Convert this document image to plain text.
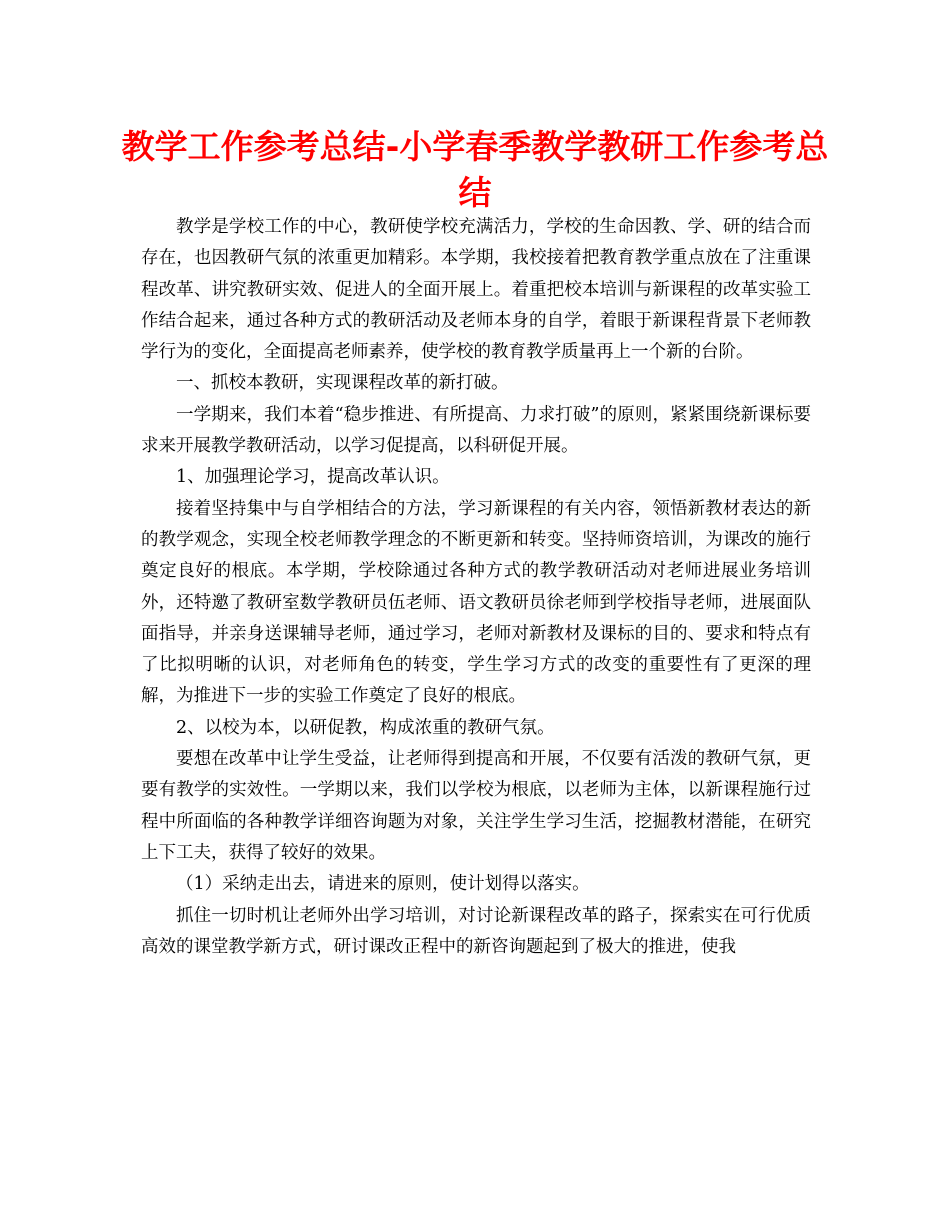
教学工作参考总结-小学春季教学教研工作参考总结

教学是学校工作的中心，教研使学校充满活力，学校的生命因教、学、研的结合而存在，也因教研气氛的浓重更加精彩。本学期，我校接着把教育教学重点放在了注重课程改革、讲究教研实效、促进人的全面开展上。着重把校本培训与新课程的改革实验工作结合起来，通过各种方式的教研活动及老师本身的自学，着眼于新课程背景下老师教学行为的变化，全面提高老师素养，使学校的教育教学质量再上一个新的台阶。

一、抓校本教研，实现课程改革的新打破。

一学期来，我们本着“稳步推进、有所提高、力求打破”的原则，紧紧围绕新课标要求来开展教学教研活动，以学习促提高，以科研促开展。

1、加强理论学习，提高改革认识。

接着坚持集中与自学相结合的方法，学习新课程的有关内容，领悟新教材表达的新的教学观念，实现全校老师教学理念的不断更新和转变。坚持师资培训，为课改的施行奠定良好的根底。本学期，学校除通过各种方式的教学教研活动对老师进展业务培训外，还特邀了教研室数学教研员伍老师、语文教研员徐老师到学校指导老师，进展面队面指导，并亲身送课辅导老师，通过学习，老师对新教材及课标的目的、要求和特点有了比拟明晰的认识，对老师角色的转变，学生学习方式的改变的重要性有了更深的理解，为推进下一步的实验工作奠定了良好的根底。

2、以校为本，以研促教，构成浓重的教研气氛。

要想在改革中让学生受益，让老师得到提高和开展，不仅要有活泼的教研气氛，更要有教学的实效性。一学期以来，我们以学校为根底，以老师为主体，以新课程施行过程中所面临的各种教学详细咨询题为对象，关注学生学习生活，挖掘教材潜能，在研究上下工夫，获得了较好的效果。

（1）采纳走出去，请进来的原则，使计划得以落实。

抓住一切时机让老师外出学习培训，对讨论新课程改革的路子，探索实在可行优质高效的课堂教学新方式，研讨课改正程中的新咨询题起到了极大的推进，使我
